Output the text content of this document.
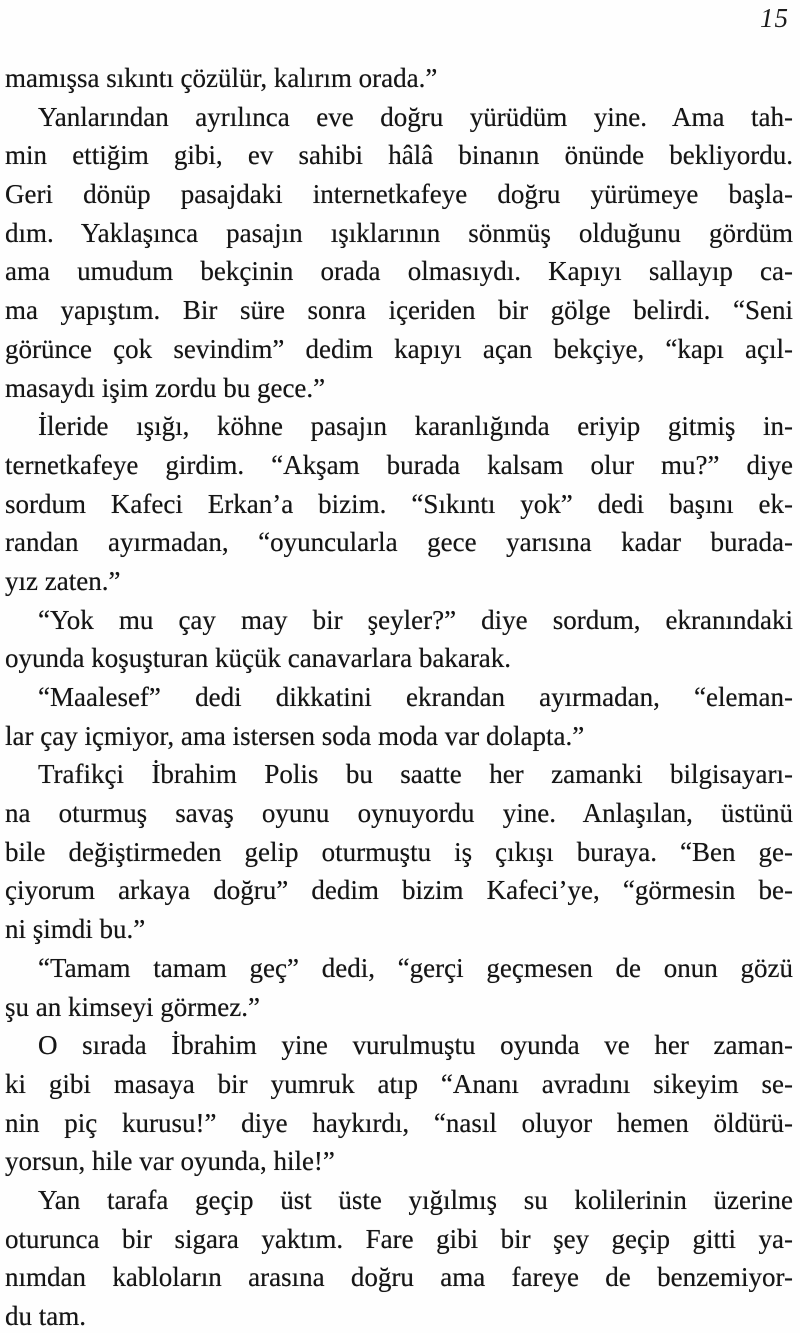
15
mamışsa sıkıntı çözülür, kalırım orada.”
Yanlarından ayrılınca eve doğru yürüdüm yine. Ama tah-
min ettiğim gibi, ev sahibi hâlâ binanın önünde bekliyordu.
Geri dönüp pasajdaki internetkafeye doğru yürümeye başla-
dım. Yaklaşınca pasajın ışıklarının sönmüş olduğunu gördüm
ama umudum bekçinin orada olmasıydı. Kapıyı sallayıp ca-
ma yapıştım. Bir süre sonra içeriden bir gölge belirdi. “Seni
görünce çok sevindim” dedim kapıyı açan bekçiye, “kapı açıl-
masaydı işim zordu bu gece.”
İleride ışığı, köhne pasajın karanlığında eriyip gitmiş in-
ternetkafeye girdim. “Akşam burada kalsam olur mu?” diye
sordum Kafeci Erkan’a bizim. “Sıkıntı yok” dedi başını ek-
randan ayırmadan, “oyuncularla gece yarısına kadar burada-
yız zaten.”
“Yok mu çay may bir şeyler?” diye sordum, ekranındaki
oyunda koşuşturan küçük canavarlara bakarak.
“Maalesef” dedi dikkatini ekrandan ayırmadan, “eleman-
lar çay içmiyor, ama istersen soda moda var dolapta.”
Trafikçi İbrahim Polis bu saatte her zamanki bilgisayarı-
na oturmuş savaş oyunu oynuyordu yine. Anlaşılan, üstünü
bile değiştirmeden gelip oturmuştu iş çıkışı buraya. “Ben ge-
çiyorum arkaya doğru” dedim bizim Kafeci’ye, “görmesin be-
ni şimdi bu.”
“Tamam tamam geç” dedi, “gerçi geçmesen de onun gözü
şu an kimseyi görmez.”
O sırada İbrahim yine vurulmuştu oyunda ve her zaman-
ki gibi masaya bir yumruk atıp “Ananı avradını sikeyim se-
nin piç kurusu!” diye haykırdı, “nasıl oluyor hemen öldürü-
yorsun, hile var oyunda, hile!”
Yan tarafa geçip üst üste yığılmış su kolilerinin üzerine
oturunca bir sigara yaktım. Fare gibi bir şey geçip gitti ya-
nımdan kabloların arasına doğru ama fareye de benzemiyor-
du tam.
